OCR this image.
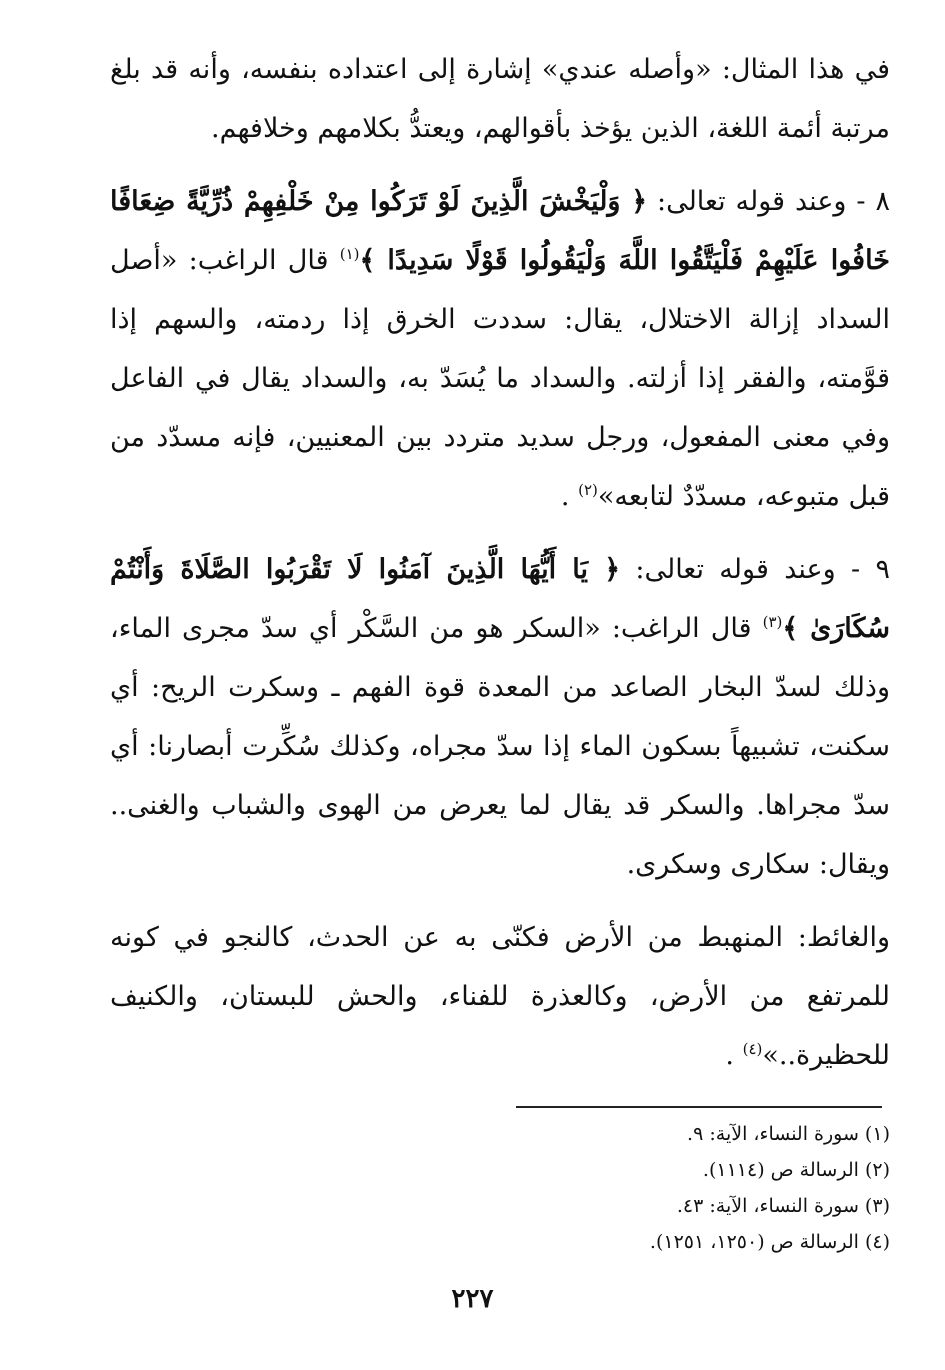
في هذا المثال: «وأصله عندي» إشارة إلى اعتداده بنفسه، وأنه قد بلغ مرتبة أئمة اللغة، الذين يؤخذ بأقوالهم، ويعتدُّ بكلامهم وخلافهم.

٨ - وعند قوله تعالى: ﴿ وَلْيَخْشَ الَّذِينَ لَوْ تَرَكُوا مِنْ خَلْفِهِمْ ذُرِّيَّةً ضِعَافًا خَافُوا عَلَيْهِمْ فَلْيَتَّقُوا اللَّهَ وَلْيَقُولُوا قَوْلًا سَدِيدًا ﴾$^{(١)}$ قال الراغب: «أصل السداد إزالة الاختلال، يقال: سددت الخرق إذا ردمته، والسهم إذا قوَّمته، والفقر إذا أزلته. والسداد ما يُسَدّ به، والسداد يقال في الفاعل وفي معنى المفعول، ورجل سديد متردد بين المعنيين، فإنه مسدّد من قبل متبوعه، مسدّدٌ لتابعه»$^{(٢)}$ .

٩ - وعند قوله تعالى: ﴿ يَا أَيُّهَا الَّذِينَ آمَنُوا لَا تَقْرَبُوا الصَّلَاةَ وَأَنْتُمْ سُكَارَىٰ ﴾$^{(٣)}$ قال الراغب: «السكر هو من السَّكْر أي سدّ مجرى الماء، وذلك لسدّ البخار الصاعد من المعدة قوة الفهم ـ وسكرت الريح: أي سكنت، تشبيهاً بسكون الماء إذا سدّ مجراه، وكذلك سُكِّرت أبصارنا: أي سدّ مجراها. والسكر قد يقال لما يعرض من الهوى والشباب والغنى.. ويقال: سكارى وسكرى.

والغائط: المنهبط من الأرض فكنّى به عن الحدث، كالنجو في كونه للمرتفع من الأرض، وكالعذرة للفناء، والحش للبستان، والكنيف للحظيرة..»$^{(٤)}$ .

(١) سورة النساء، الآية: ٩.
(٢) الرسالة ص (١١١٤).
(٣) سورة النساء، الآية: ٤٣.
(٤) الرسالة ص (١٢٥٠، ١٢٥١).
٢٢٧
